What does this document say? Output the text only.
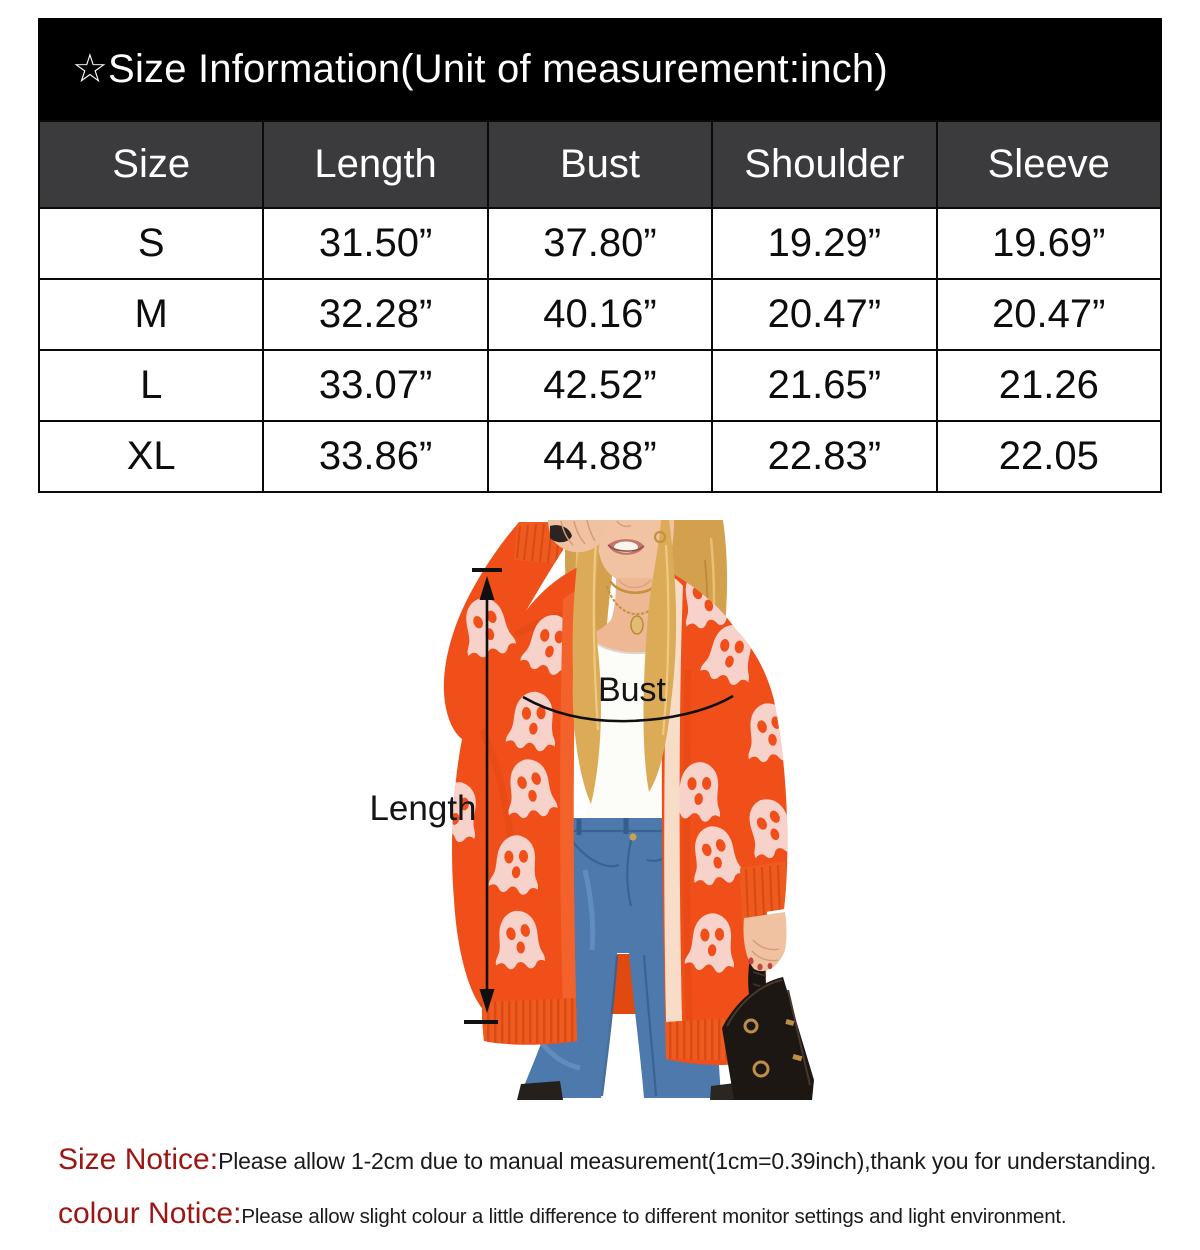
☆Size Information(Unit of measurement:inch)
Size	Length	Bust	Shoulder	Sleeve
S	31.50”	37.80”	19.29”	19.69”
M	32.28”	40.16”	20.47”	20.47”
L	33.07”	42.52”	21.65”	21.26
XL	33.86”	44.88”	22.83”	22.05
Length
Bust
Size Notice:Please allow 1-2cm due to manual measurement(1cm=0.39inch),thank you for understanding.
colour Notice:Please allow slight colour a little difference to different monitor settings and light environment.
